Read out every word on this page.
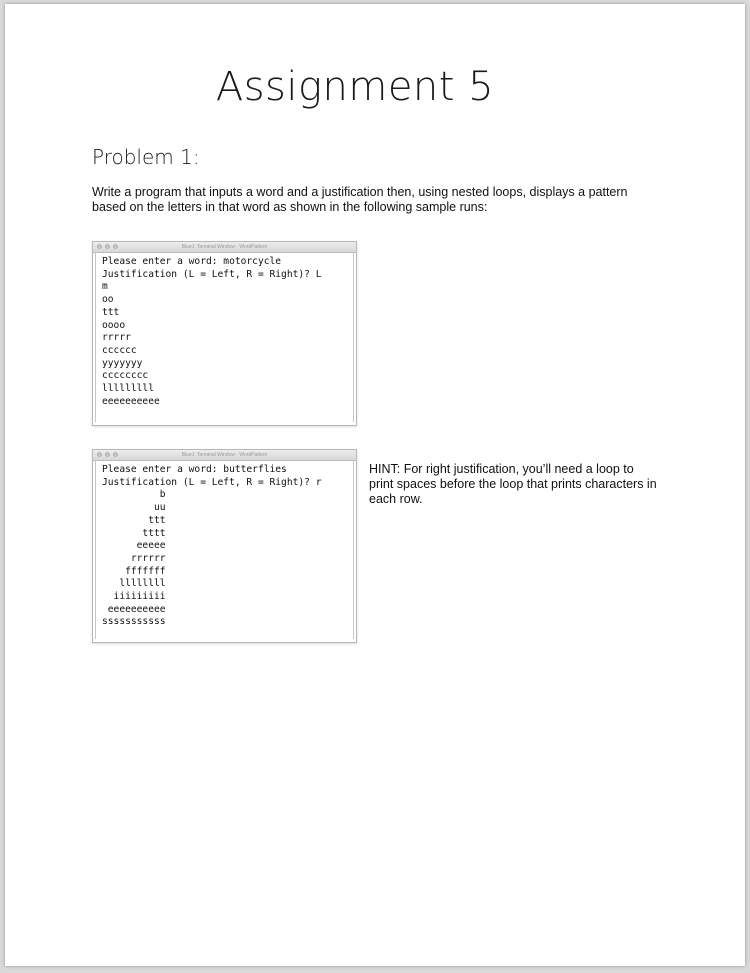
Assignment 5
Problem 1:
Write a program that inputs a word and a justification then, using nested loops, displays a pattern based on the letters in that word as shown in the following sample runs:
BlueJ: Terminal Window - WordPattern
Please enter a word: motorcycle
Justification (L = Left, R = Right)? L
m
oo
ttt
oooo
rrrrr
cccccc
yyyyyyy
cccccccc
lllllllll
eeeeeeeeee
BlueJ: Terminal Window - WordPattern
Please enter a word: butterflies
Justification (L = Left, R = Right)? r
b
uu
ttt
tttt
eeeee
rrrrrr
fffffff
llllllll
iiiiiiiii
eeeeeeeeee
sssssssssss
HINT: For right justification, you’ll need a loop to print spaces before the loop that prints characters in each row.
